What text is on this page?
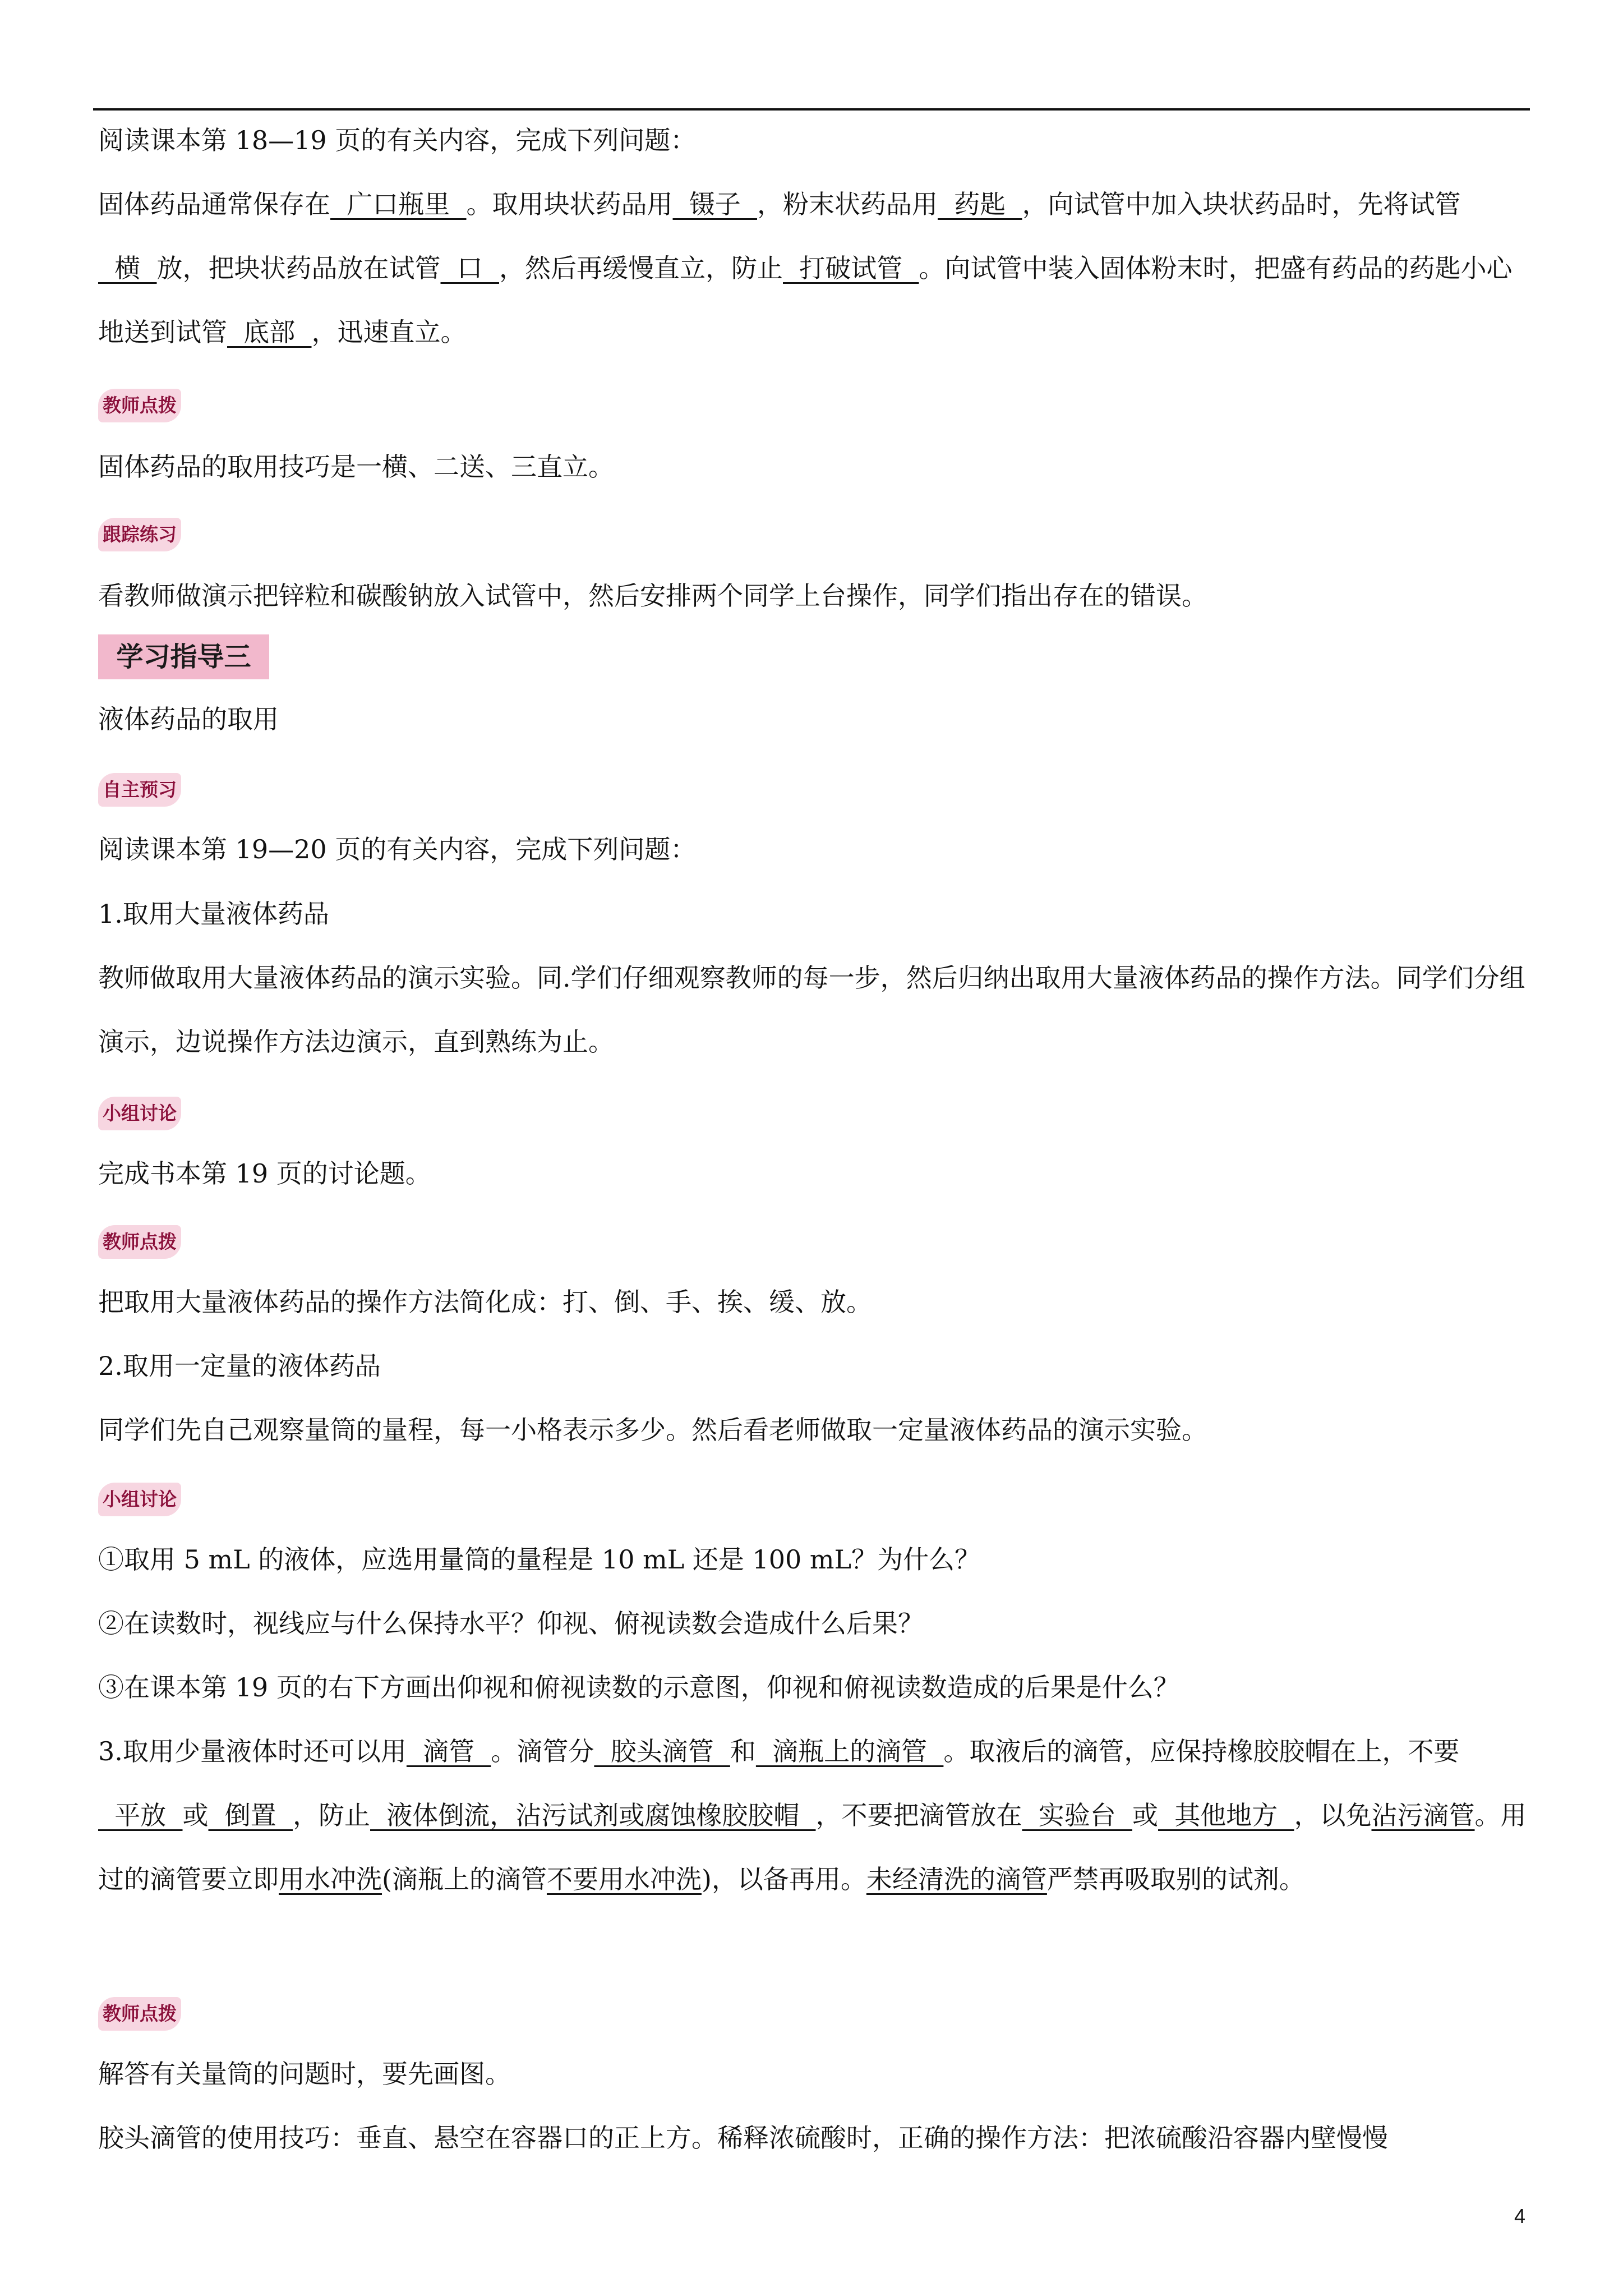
阅读课本第 18—19 页的有关内容，完成下列问题：

固体药品通常保存在  广口瓶里  。取用块状药品用  镊子  ，粉末状药品用  药匙  ，向试管中加入块状药品时，先将试管  横  放，把块状药品放在试管  口  ，然后再缓慢直立，防止  打破试管  。向试管中装入固体粉末时，把盛有药品的药匙小心地送到试管  底部  ，迅速直立。

教师点拨

固体药品的取用技巧是一横、二送、三直立。

跟踪练习

看教师做演示把锌粒和碳酸钠放入试管中，然后安排两个同学上台操作，同学们指出存在的错误。

学习指导三

液体药品的取用

自主预习

阅读课本第 19—20 页的有关内容，完成下列问题：

1.取用大量液体药品

教师做取用大量液体药品的演示实验。同.学们仔细观察教师的每一步，然后归纳出取用大量液体药品的操作方法。同学们分组演示，边说操作方法边演示，直到熟练为止。

小组讨论

完成书本第 19 页的讨论题。

教师点拨

把取用大量液体药品的操作方法简化成：打、倒、手、挨、缓、放。

2.取用一定量的液体药品

同学们先自己观察量筒的量程，每一小格表示多少。然后看老师做取一定量液体药品的演示实验。

小组讨论

①取用 5 mL 的液体，应选用量筒的量程是 10 mL 还是 100 mL？为什么？

②在读数时，视线应与什么保持水平？仰视、俯视读数会造成什么后果？

③在课本第 19 页的右下方画出仰视和俯视读数的示意图，仰视和俯视读数造成的后果是什么？

3.取用少量液体时还可以用  滴管  。滴管分  胶头滴管  和  滴瓶上的滴管  。取液后的滴管，应保持橡胶胶帽在上，不要  平放  或  倒置  ，防止  液体倒流，沾污试剂或腐蚀橡胶胶帽  ，不要把滴管放在  实验台  或  其他地方  ，以免沾污滴管。用过的滴管要立即用水冲洗(滴瓶上的滴管不要用水冲洗)，以备再用。未经清洗的滴管严禁再吸取别的试剂。

教师点拨

解答有关量筒的问题时，要先画图。

胶头滴管的使用技巧：垂直、悬空在容器口的正上方。稀释浓硫酸时，正确的操作方法：把浓硫酸沿容器内壁慢慢

4
